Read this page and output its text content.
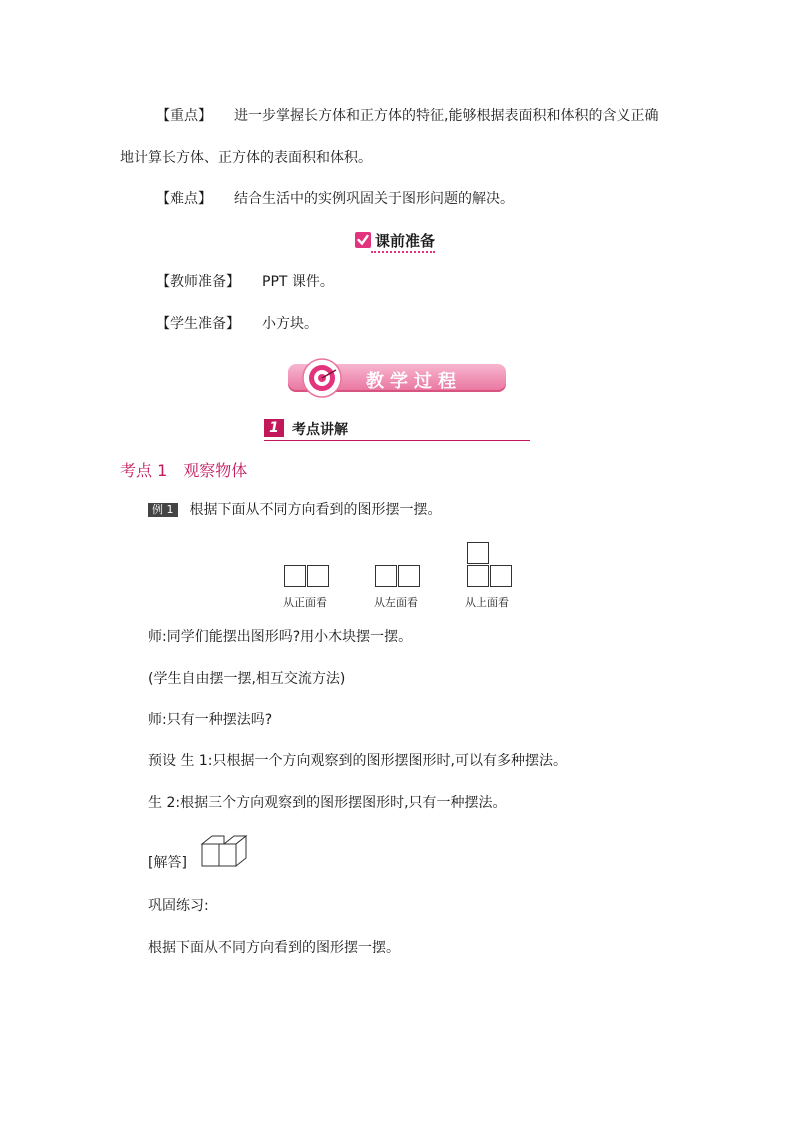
【重点】 进一步掌握长方体和正方体的特征,能够根据表面积和体积的含义正确
地计算长方体、正方体的表面积和体积。
【难点】 结合生活中的实例巩固关于图形问题的解决。
课前准备
【教师准备】 PPT 课件。
【学生准备】 小方块。
教学过程
1 考点讲解
考点 1　观察物体
例 1 根据下面从不同方向看到的图形摆一摆。
从正面看	从左面看	从上面看
师:同学们能摆出图形吗?用小木块摆一摆。
(学生自由摆一摆,相互交流方法)
师:只有一种摆法吗?
预设 生 1:只根据一个方向观察到的图形摆图形时,可以有多种摆法。
生 2:根据三个方向观察到的图形摆图形时,只有一种摆法。
[解答]
巩固练习:
根据下面从不同方向看到的图形摆一摆。
